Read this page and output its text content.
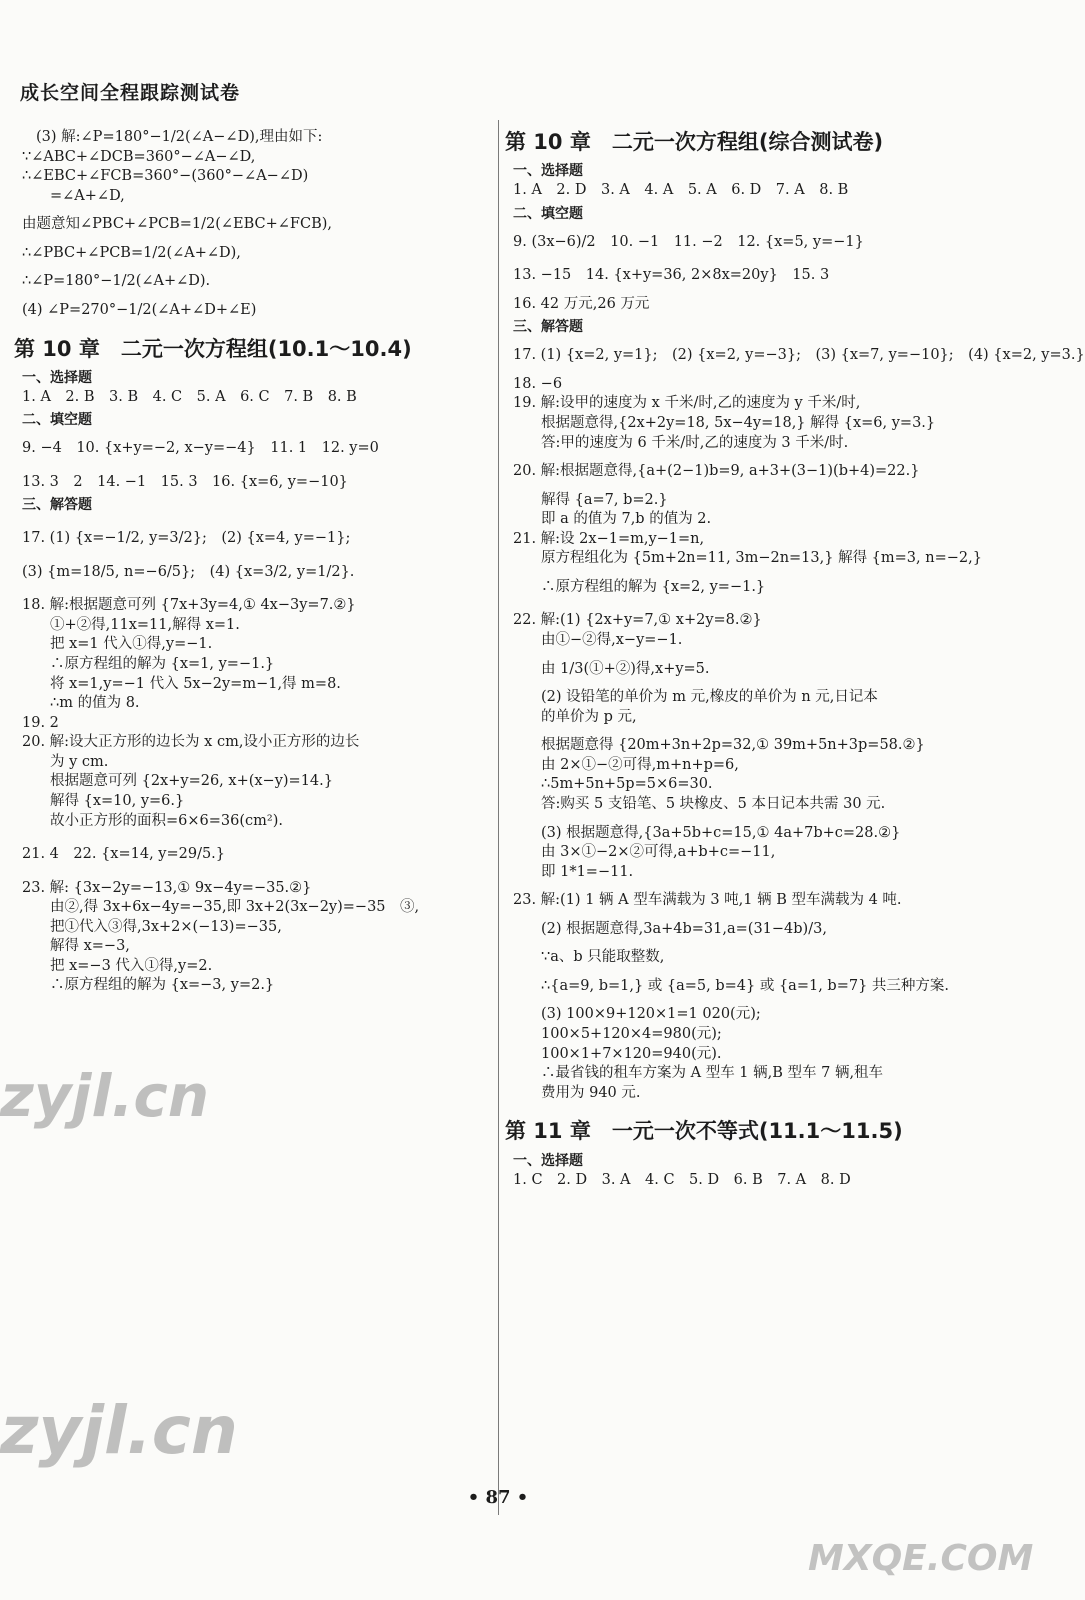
成长空间全程跟踪测试卷
(3) 解:∠P=180°−1/2(∠A−∠D),理由如下:
∵∠ABC+∠DCB=360°−∠A−∠D,
∴∠EBC+∠FCB=360°−(360°−∠A−∠D)
=∠A+∠D,
由题意知∠PBC+∠PCB=1/2(∠EBC+∠FCB),
∴∠PBC+∠PCB=1/2(∠A+∠D),
∴∠P=180°−1/2(∠A+∠D).
(4) ∠P=270°−1/2(∠A+∠D+∠E)
第 10 章　二元一次方程组(10.1～10.4)
一、选择题
1. A　2. B　3. B　4. C　5. A　6. C　7. B　8. B
二、填空题
9. −4　10. {x+y=−2, x−y=−4}　11. 1　12. y=0
13. 3　2　14. −1　15. 3　16. {x=6, y=−10}
三、解答题
17. (1) {x=−1/2, y=3/2};　(2) {x=4, y=−1};
(3) {m=18/5, n=−6/5};　(4) {x=3/2, y=1/2}.
18. 解:根据题意可列 {7x+3y=4,① 4x−3y=7.②}
①+②得,11x=11,解得 x=1.
把 x=1 代入①得,y=−1.
∴原方程组的解为 {x=1, y=−1.}
将 x=1,y=−1 代入 5x−2y=m−1,得 m=8.
∴m 的值为 8.
19. 2
20. 解:设大正方形的边长为 x cm,设小正方形的边长
为 y cm.
根据题意可列 {2x+y=26, x+(x−y)=14.}
解得 {x=10, y=6.}
故小正方形的面积=6×6=36(cm²).
21. 4　22. {x=14, y=29/5.}
23. 解: {3x−2y=−13,① 9x−4y=−35.②}
由②,得 3x+6x−4y=−35,即 3x+2(3x−2y)=−35　③,
把①代入③得,3x+2×(−13)=−35,
解得 x=−3,
把 x=−3 代入①得,y=2.
∴原方程组的解为 {x=−3, y=2.}
第 10 章　二元一次方程组(综合测试卷)
一、选择题
1. A　2. D　3. A　4. A　5. A　6. D　7. A　8. B
二、填空题
9. (3x−6)/2　10. −1　11. −2　12. {x=5, y=−1}
13. −15　14. {x+y=36, 2×8x=20y}　15. 3
16. 42 万元,26 万元
三、解答题
17. (1) {x=2, y=1};　(2) {x=2, y=−3};　(3) {x=7, y=−10};　(4) {x=2, y=3.}
18. −6
19. 解:设甲的速度为 x 千米/时,乙的速度为 y 千米/时,
根据题意得,{2x+2y=18, 5x−4y=18,} 解得 {x=6, y=3.}
答:甲的速度为 6 千米/时,乙的速度为 3 千米/时.
20. 解:根据题意得,{a+(2−1)b=9, a+3+(3−1)(b+4)=22.}
解得 {a=7, b=2.}
即 a 的值为 7,b 的值为 2.
21. 解:设 2x−1=m,y−1=n,
原方程组化为 {5m+2n=11, 3m−2n=13,} 解得 {m=3, n=−2,}
∴原方程组的解为 {x=2, y=−1.}
22. 解:(1) {2x+y=7,① x+2y=8.②}
由①−②得,x−y=−1.
由 1/3(①+②)得,x+y=5.
(2) 设铅笔的单价为 m 元,橡皮的单价为 n 元,日记本
的单价为 p 元,
根据题意得 {20m+3n+2p=32,① 39m+5n+3p=58.②}
由 2×①−②可得,m+n+p=6,
∴5m+5n+5p=5×6=30.
答:购买 5 支铅笔、5 块橡皮、5 本日记本共需 30 元.
(3) 根据题意得,{3a+5b+c=15,① 4a+7b+c=28.②}
由 3×①−2×②可得,a+b+c=−11,
即 1*1=−11.
23. 解:(1) 1 辆 A 型车满载为 3 吨,1 辆 B 型车满载为 4 吨.
(2) 根据题意得,3a+4b=31,a=(31−4b)/3,
∵a、b 只能取整数,
∴{a=9, b=1,} 或 {a=5, b=4} 或 {a=1, b=7} 共三种方案.
(3) 100×9+120×1=1 020(元);
100×5+120×4=980(元);
100×1+7×120=940(元).
∴最省钱的租车方案为 A 型车 1 辆,B 型车 7 辆,租车
费用为 940 元.
第 11 章　一元一次不等式(11.1～11.5)
一、选择题
1. C　2. D　3. A　4. C　5. D　6. B　7. A　8. D
• 87 •
zyjl.cn
zyjl.cn
MXQE.COM
